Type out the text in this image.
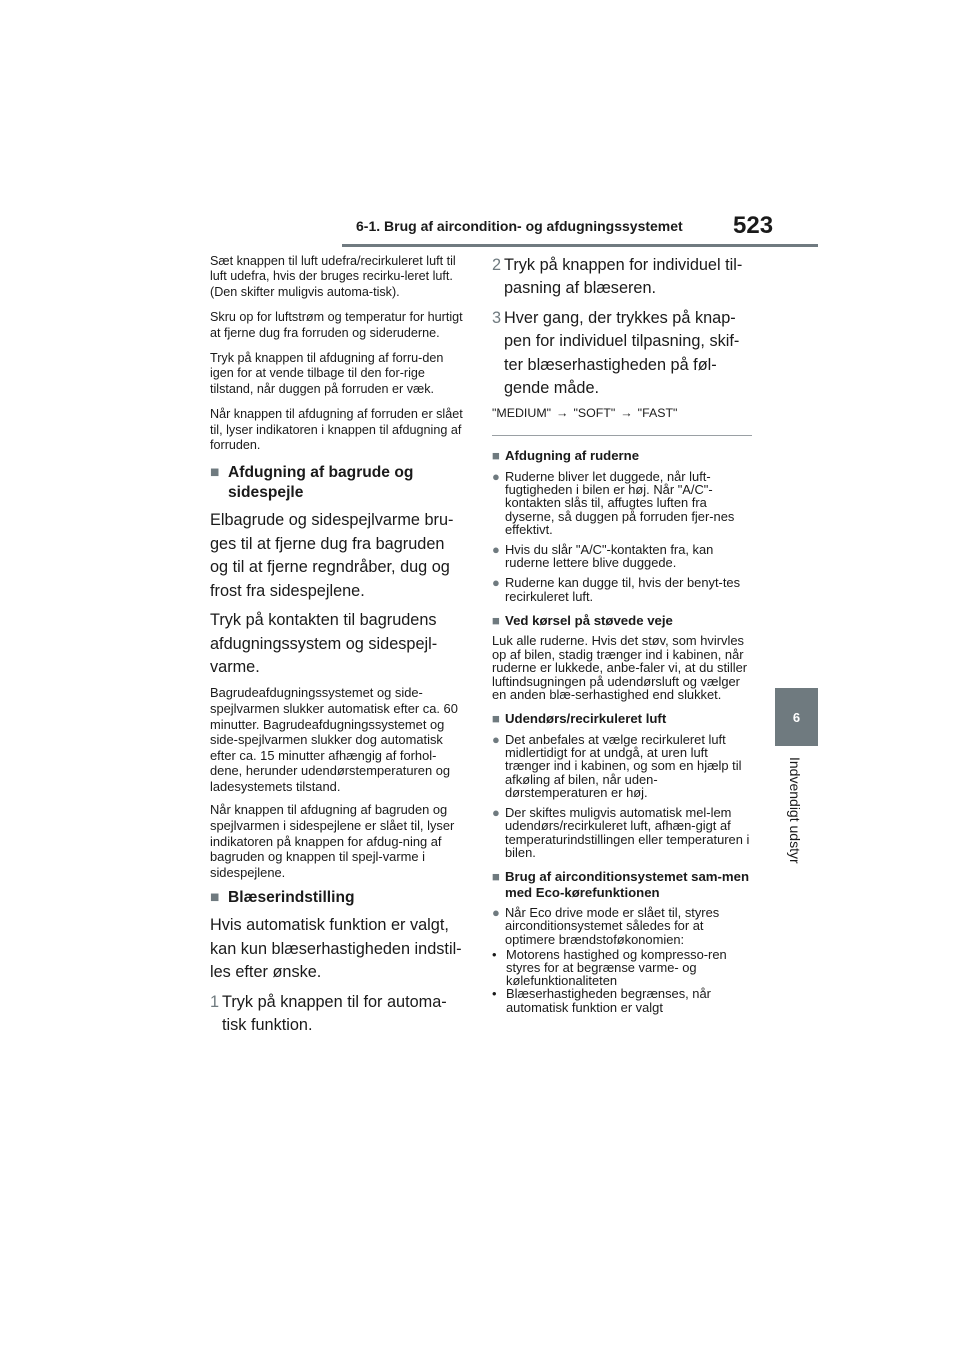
6-1. Brug af aircondition- og afdugningssystemet	523
6
Indvendigt udstyr

Sæt knappen til luft udefra/recirkuleret luft til luft udefra, hvis der bruges recirku-leret luft. (Den skifter muligvis automa-tisk).

Skru op for luftstrøm og temperatur for hurtigt at fjerne dug fra forruden og sideruderne.

Tryk på knappen til afdugning af forru-den igen for at vende tilbage til den for-rige tilstand, når duggen på forruden er væk.

Når knappen til afdugning af forruden er slået til, lyser indikatoren i knappen til afdugning af forruden.

■ Afdugning af bagrude og sidespejle

Elbagrude og sidespejlvarme bru-ges til at fjerne dug fra bagruden og til at fjerne regndråber, dug og frost fra sidespejlene.

Tryk på kontakten til bagrudens afdugningssystem og sidespejl-varme.

Bagrudeafdugningssystemet og side-spejlvarmen slukker automatisk efter ca. 60 minutter. Bagrudeafdugningssystemet og side-spejlvarmen slukker dog automatisk efter ca. 15 minutter afhængig af forhol-dene, herunder udendørstemperaturen og ladesystemets tilstand.

Når knappen til afdugning af bagruden og spejlvarmen i sidespejlene er slået til, lyser indikatoren på knappen for afdug-ning af bagruden og knappen til spejl-varme i sidespejlene.

■ Blæserindstilling

Hvis automatisk funktion er valgt, kan kun blæserhastigheden indstil-les efter ønske.

1 Tryk på knappen til for automa-tisk funktion.
2 Tryk på knappen for individuel til-pasning af blæseren.
3 Hver gang, der trykkes på knap-pen for individuel tilpasning, skif-ter blæserhastigheden på føl-gende måde.

"MEDIUM" → "SOFT" → "FAST"

■ Afdugning af ruderne
● Ruderne bliver let duggede, når luft-fugtigheden i bilen er høj. Når "A/C"-kontakten slås til, affugtes luften fra dyserne, så duggen på forruden fjer-nes effektivt.
● Hvis du slår "A/C"-kontakten fra, kan ruderne lettere blive duggede.
● Ruderne kan dugge til, hvis der benyt-tes recirkuleret luft.
■ Ved kørsel på støvede veje

Luk alle ruderne. Hvis det støv, som hvirvles op af bilen, stadig trænger ind i kabinen, når ruderne er lukkede, anbe-faler vi, at du stiller luftindsugningen på udendørsluft og vælger en anden blæ-serhastighed end slukket.

■ Udendørs/recirkuleret luft
● Det anbefales at vælge recirkuleret luft midlertidigt for at undgå, at uren luft trænger ind i kabinen, og som en hjælp til afkøling af bilen, når uden-dørstemperaturen er høj.
● Der skiftes muligvis automatisk mel-lem udendørs/recirkuleret luft, afhæn-gigt af temperaturindstillingen eller temperaturen i bilen.
■ Brug af airconditionsystemet sam-men med Eco-kørefunktionen
● Når Eco drive mode er slået til, styres airconditionsystemet således for at optimere brændstoføkonomien:
• Motorens hastighed og kompresso-ren styres for at begrænse varme- og kølefunktionaliteten
• Blæserhastigheden begrænses, når automatisk funktion er valgt
